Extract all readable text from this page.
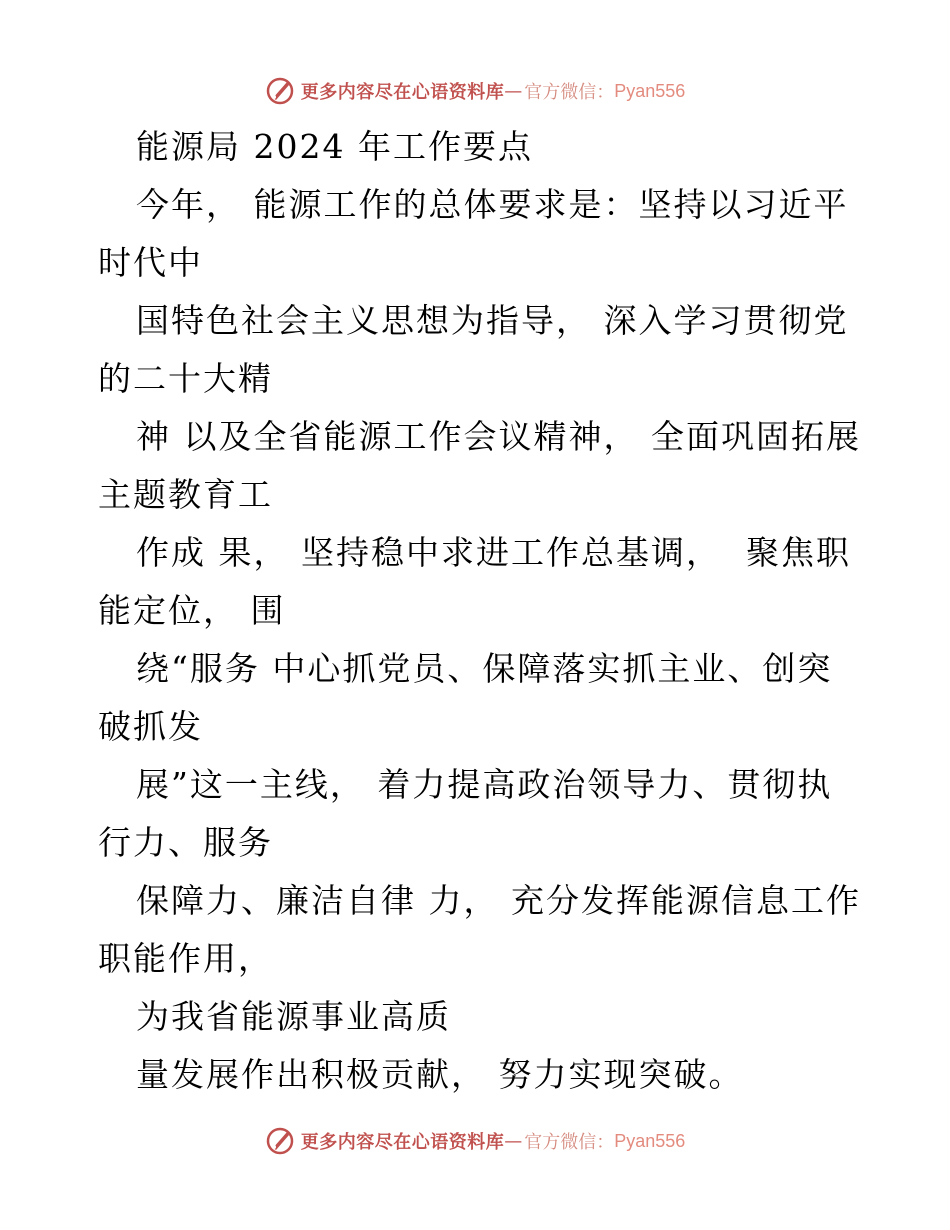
更多内容尽在心语资料库 — 官方微信： Pyan556
能源局 2024 年工作要点
今年， 能源工作的总体要求是：坚持以习近平
时代中
国特色社会主义思想为指导， 深入学习贯彻党
的二十大精
神 以及全省能源工作会议精神， 全面巩固拓展
主题教育工
作成 果， 坚持稳中求进工作总基调，  聚焦职
能定位， 围
绕“服务 中心抓党员、保障落实抓主业、创突
破抓发
展”这一主线， 着力提高政治领导力、贯彻执
行力、服务
保障力、廉洁自律 力， 充分发挥能源信息工作
职能作用，
为我省能源事业高质
量发展作出积极贡献， 努力实现突破。
更多内容尽在心语资料库 — 官方微信： Pyan556
